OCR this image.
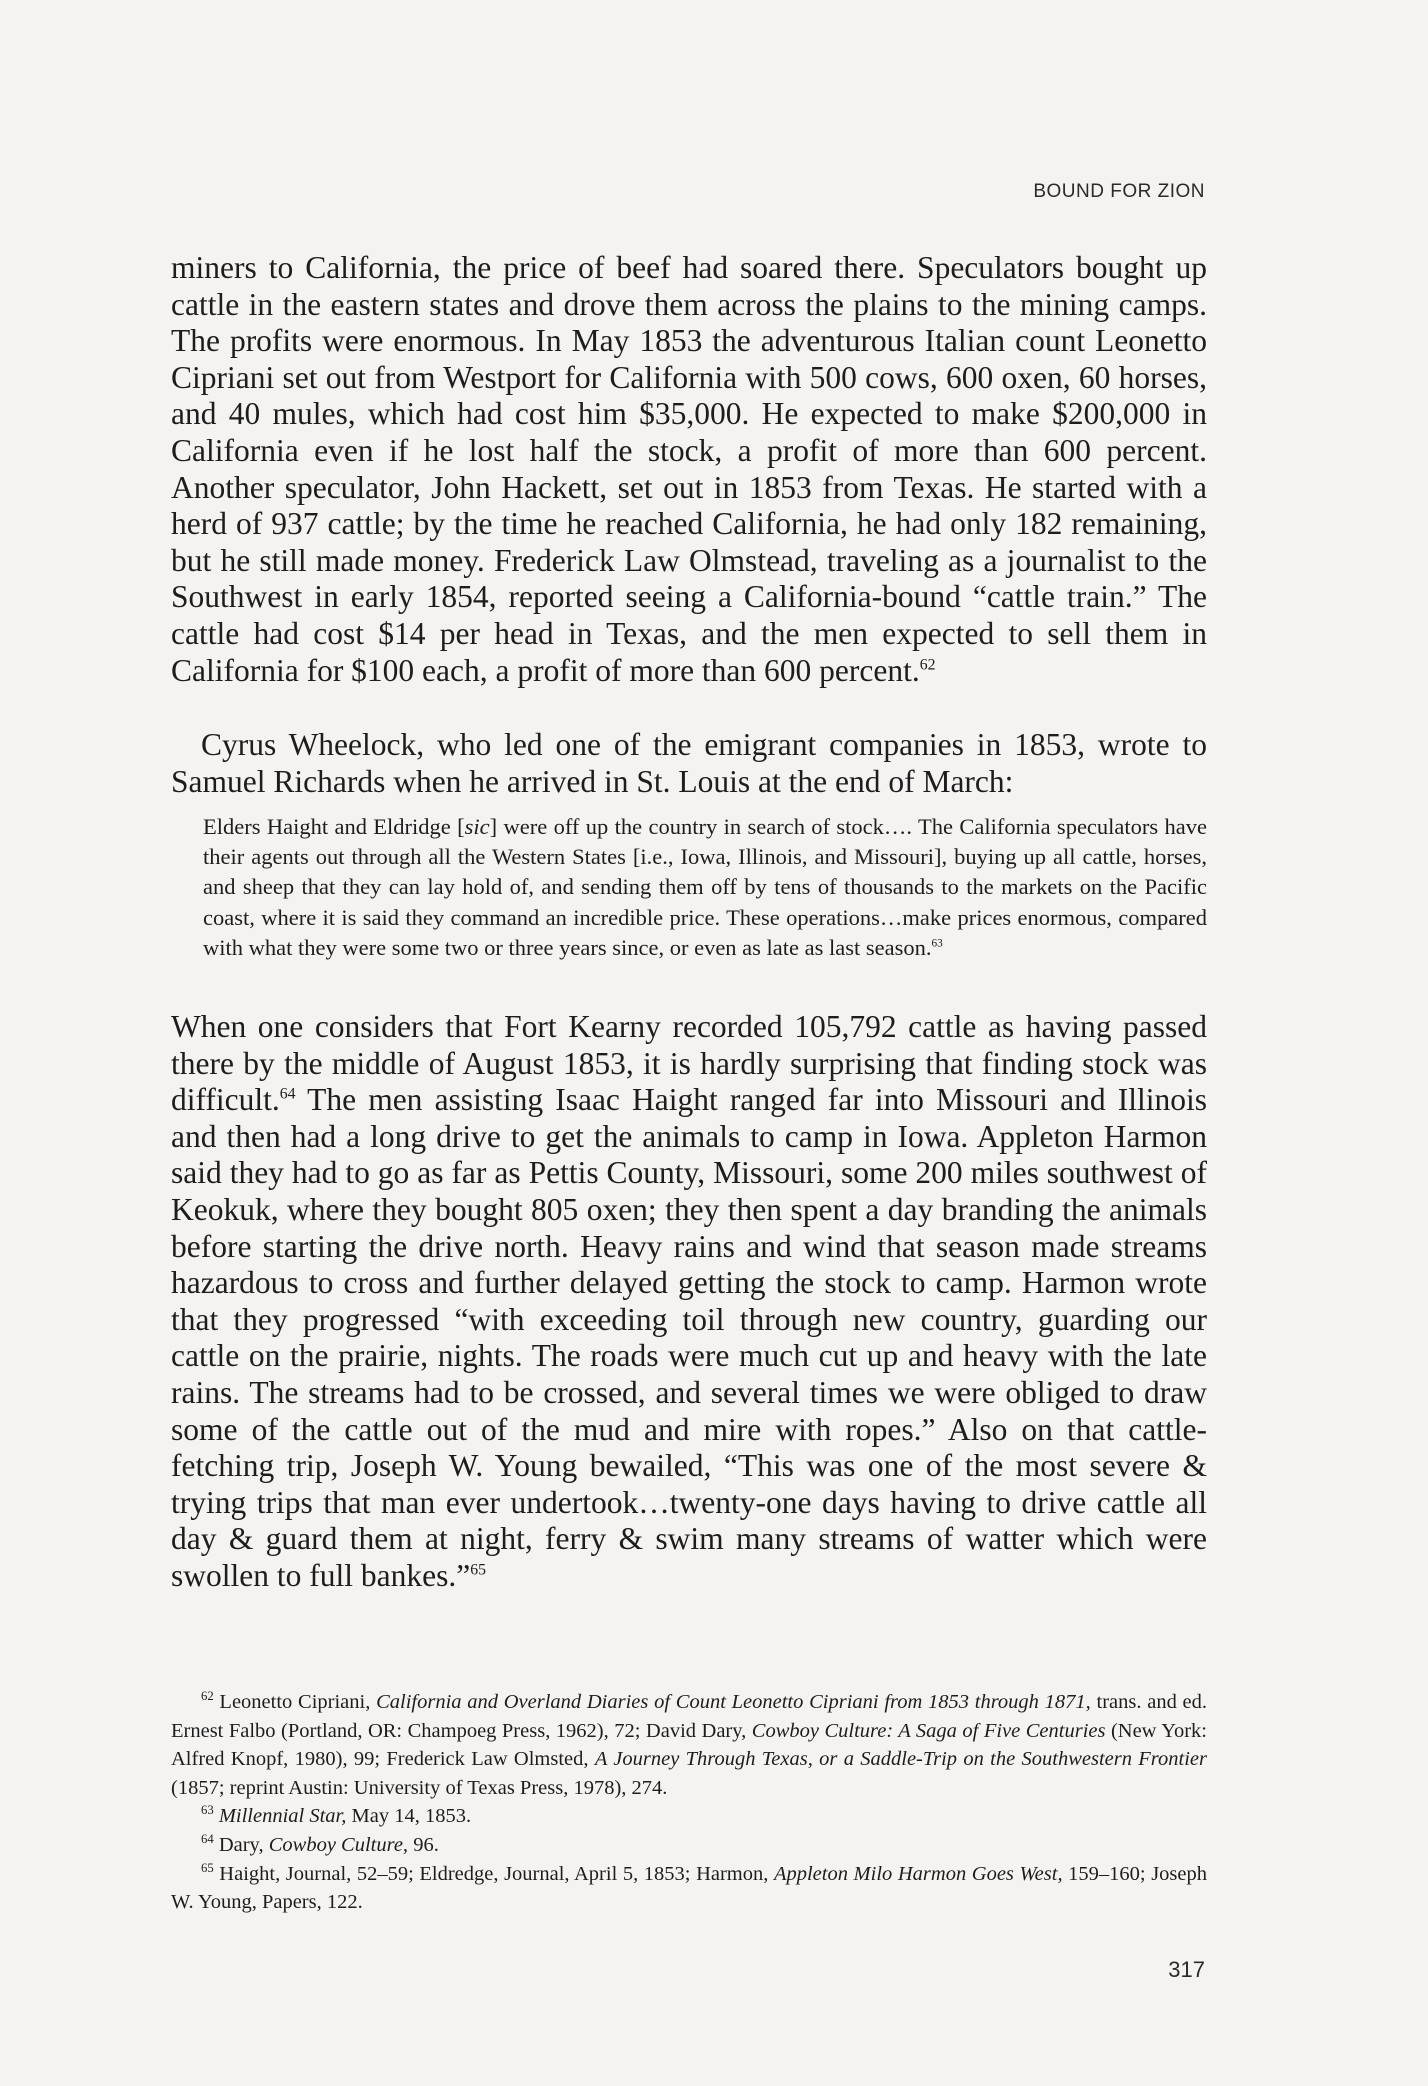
BOUND FOR ZION

miners to California, the price of beef had soared there. Speculators bought up cattle in the eastern states and drove them across the plains to the mining camps. The profits were enormous. In May 1853 the adventurous Italian count Leonetto Cipriani set out from Westport for California with 500 cows, 600 oxen, 60 horses, and 40 mules, which had cost him $35,000. He expected to make $200,000 in California even if he lost half the stock, a profit of more than 600 percent. Another speculator, John Hackett, set out in 1853 from Texas. He started with a herd of 937 cattle; by the time he reached California, he had only 182 remaining, but he still made money. Frederick Law Olmstead, traveling as a journalist to the Southwest in early 1854, reported seeing a California-bound “cattle train.” The cattle had cost $14 per head in Texas, and the men expected to sell them in California for $100 each, a profit of more than 600 percent.$^{62}$

Cyrus Wheelock, who led one of the emigrant companies in 1853, wrote to Samuel Richards when he arrived in St. Louis at the end of March:

Elders Haight and Eldridge [sic] were off up the country in search of stock…. The California speculators have their agents out through all the Western States [i.e., Iowa, Illinois, and Missouri], buying up all cattle, horses, and sheep that they can lay hold of, and sending them off by tens of thousands to the markets on the Pacific coast, where it is said they command an incredible price. These operations…make prices enormous, compared with what they were some two or three years since, or even as late as last season.$^{63}$

When one considers that Fort Kearny recorded 105,792 cattle as having passed there by the middle of August 1853, it is hardly surprising that finding stock was difficult.$^{64}$ The men assisting Isaac Haight ranged far into Missouri and Illinois and then had a long drive to get the animals to camp in Iowa. Appleton Harmon said they had to go as far as Pettis County, Missouri, some 200 miles southwest of Keokuk, where they bought 805 oxen; they then spent a day branding the animals before starting the drive north. Heavy rains and wind that season made streams hazardous to cross and further delayed getting the stock to camp. Harmon wrote that they progressed “with exceeding toil through new country, guarding our cattle on the prairie, nights. The roads were much cut up and heavy with the late rains. The streams had to be crossed, and several times we were obliged to draw some of the cattle out of the mud and mire with ropes.” Also on that cattle-fetching trip, Joseph W. Young bewailed, “This was one of the most severe & trying trips that man ever undertook…twenty-one days having to drive cattle all day & guard them at night, ferry & swim many streams of watter which were swollen to full bankes.”$^{65}$

$^{62}$ Leonetto Cipriani, California and Overland Diaries of Count Leonetto Cipriani from 1853 through 1871, trans. and ed. Ernest Falbo (Portland, OR: Champoeg Press, 1962), 72; David Dary, Cowboy Culture: A Saga of Five Centuries (New York: Alfred Knopf, 1980), 99; Frederick Law Olmsted, A Journey Through Texas, or a Saddle-Trip on the Southwestern Frontier (1857; reprint Austin: University of Texas Press, 1978), 274.

$^{63}$ Millennial Star, May 14, 1853.

$^{64}$ Dary, Cowboy Culture, 96.

$^{65}$ Haight, Journal, 52–59; Eldredge, Journal, April 5, 1853; Harmon, Appleton Milo Harmon Goes West, 159–160; Joseph W. Young, Papers, 122.

317
